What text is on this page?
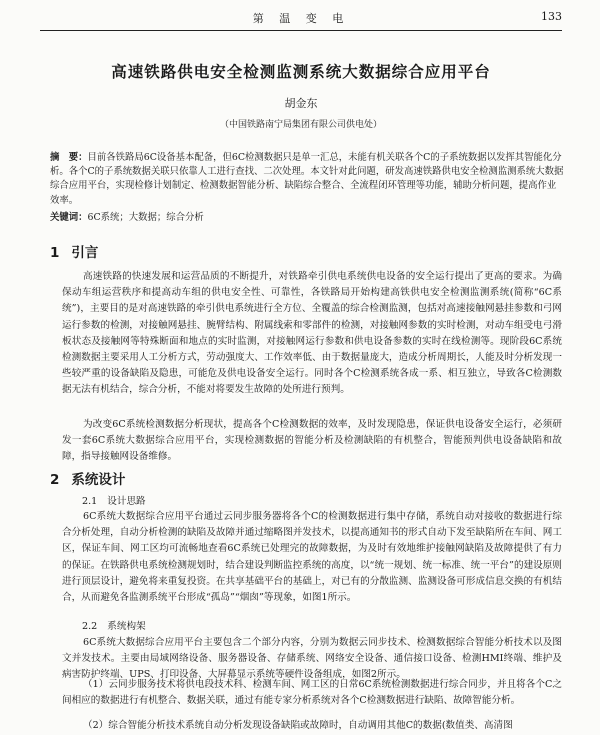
第 温 变 电	133
高速铁路供电安全检测监测系统大数据综合应用平台
胡金东
（中国铁路南宁局集团有限公司供电处）

摘　要：目前各铁路局6C设备基本配备，但6C检测数据只是单一汇总，未能有机关联各个C的子系统数据以发挥其智能化分析。各个C的子系统数据关联只依靠人工进行查找、二次处理。本文针对此问题，研发高速铁路供电安全检测监测系统大数据综合应用平台，实现检修计划制定、检测数据智能分析、缺陷综合整合、全流程闭环管理等功能，辅助分析问题，提高作业效率。

关键词：6C系统；大数据；综合分析
1 引言

高速铁路的快速发展和运营品质的不断提升，对铁路牵引供电系统供电设备的安全运行提出了更高的要求。为确保动车组运营秩序和提高动车组的供电安全性、可靠性，各铁路局开始构建高铁供电安全检测监测系统(简称“6C系统”)，主要目的是对高速铁路的牵引供电系统进行全方位、全覆盖的综合检测监测，包括对高速接触网悬挂参数和弓网运行参数的检测，对接触网悬挂、腕臂结构、附属线索和零部件的检测，对接触网参数的实时检测，对动车组受电弓滑板状态及接触网等特殊断面和地点的实时监测，对接触网运行参数和供电设备参数的实时在线检测等。现阶段6C系统检测数据主要采用人工分析方式，劳动强度大、工作效率低、由于数据量庞大，造成分析周期长，人能及时分析发现一些较严重的设备缺陷及隐患，可能危及供电设备安全运行。同时各个C检测系统各成一系、相互独立，导致各C检测数据无法有机结合，综合分析，不能对将要发生故障的处所进行预判。

为改变6C系统检测数据分析现状，提高各个C检测数据的效率，及时发现隐患，保证供电设备安全运行，必须研发一套6C系统大数据综合应用平台，实现检测数据的智能分析及检测缺陷的有机整合，智能预判供电设备缺陷和故障，指导接触网设备维修。

2 系统设计
2.1 设计思路

6C系统大数据综合应用平台通过云同步服务器将各个C的检测数据进行集中存储，系统自动对接收的数据进行综合分析处理，自动分析检测的缺陷及故障并通过缩略图并发技术，以提高通知书的形式自动下发至缺陷所在车间、网工区，保证车间、网工区均可流畅地查看6C系统已处理完的故障数据，为及时有效地维护接触网缺陷及故障提供了有力的保证。在铁路供电系统检测规划时，结合建设判断监控系统的高度，以“统一规划、统一标准、统一平台”的建设原则进行顶层设计，避免将来重复投资。在共享基础平台的基础上，对已有的分散监测、监测设备可形成信息交换的有机结合，从而避免各监测系统平台形成“孤岛”“烟囱”等现象，如图1所示。

2.2 系统构架

6C系统大数据综合应用平台主要包含二个部分内容，分别为数据云同步技术、检测数据综合智能分析技术以及图文并发技术。主要由局域网络设备、服务器设备、存储系统、网络安全设备、通信接口设备、检测HMI终端、维护及病害防护终端、UPS、打印设备、大屏幕显示系统等硬件设备组成，如图2所示。

（1）云同步服务技术将供电段技术科、检测车间、网工区的日常6C系统检测数据进行综合同步，并且将各个C之间相应的数据进行有机整合、数据关联，通过有能专家分析系统对各个C检测数据进行缺陷、故障智能分析。

（2）综合智能分析技术系统自动分析发现设备缺陷或故障时，自动调用其他C的数据(数值类、高清图
